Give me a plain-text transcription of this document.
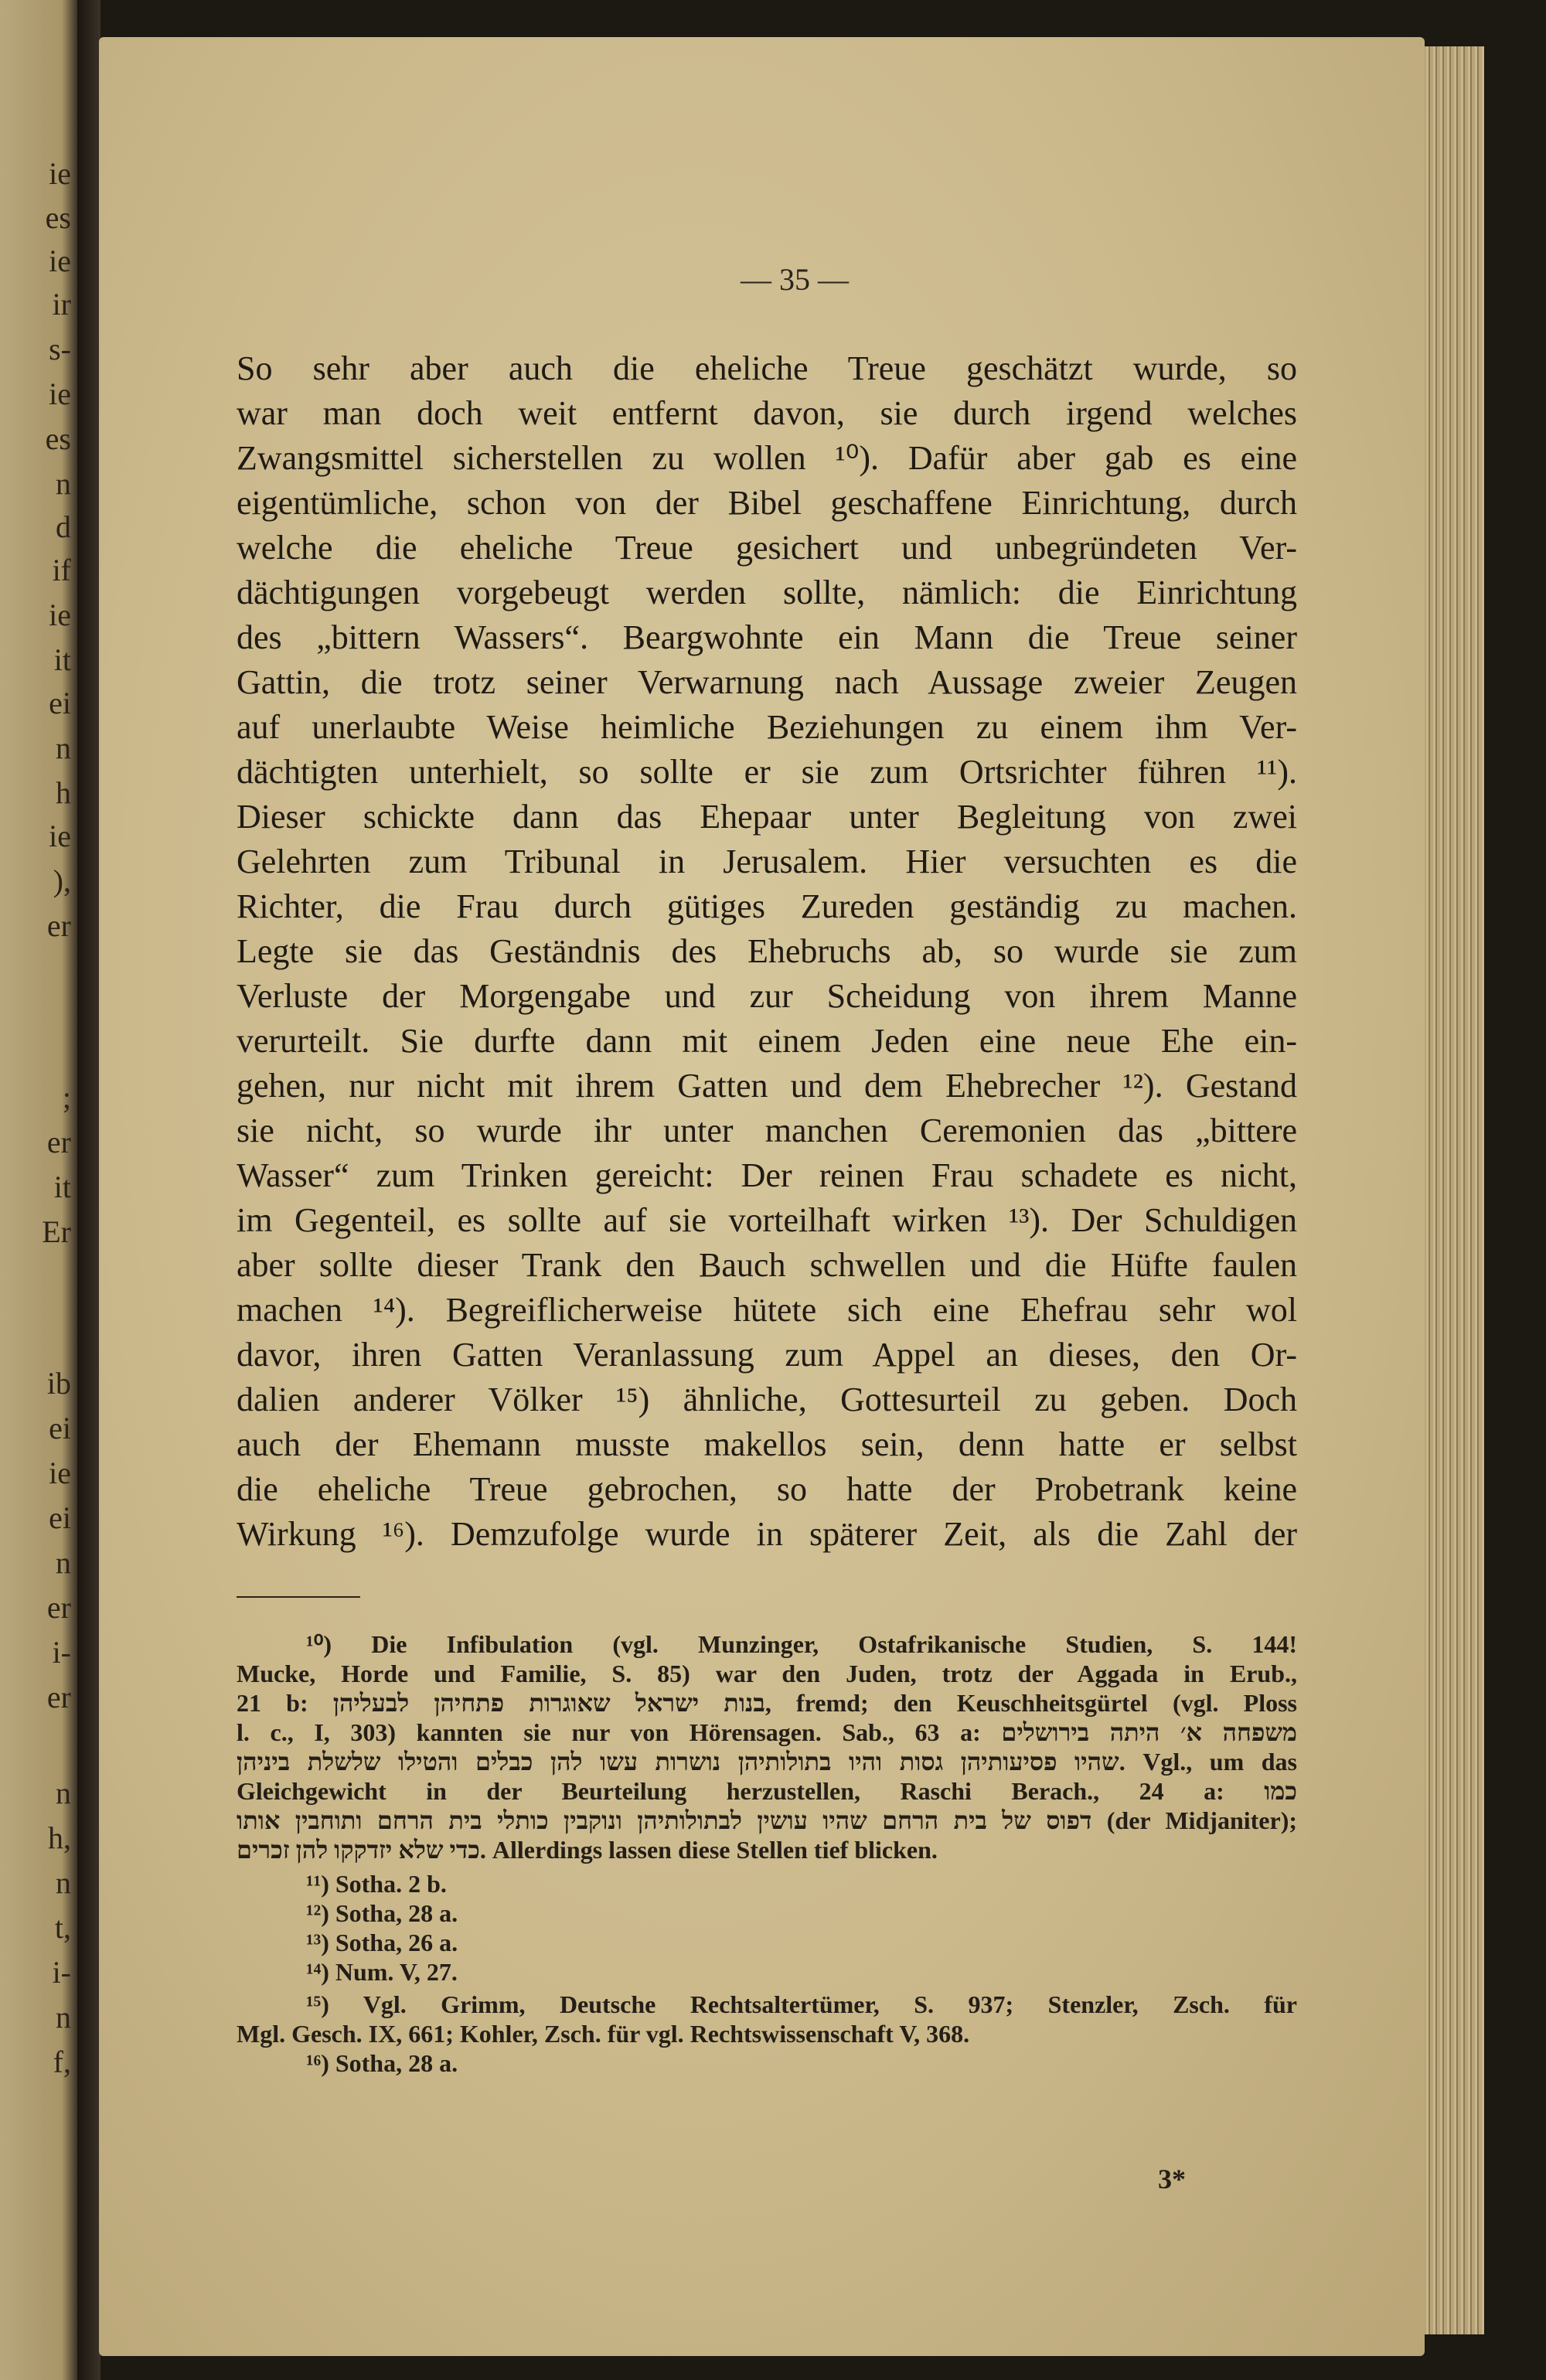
ie
es
ie
ir
s-
ie
es
n
d
if
ie
it
ei
n
h
ie
),
er
;
er
it
Er
ib
ei
ie
ei
n
er
i-
er
n
h,
n
t,
i-
n
f,
— 35 —
So sehr aber auch die eheliche Treue geschätzt wurde, so
war man doch weit entfernt davon, sie durch irgend welches
Zwangsmittel sicherstellen zu wollen ¹⁰). Dafür aber gab es eine
eigentümliche, schon von der Bibel geschaffene Einrichtung, durch
welche die eheliche Treue gesichert und unbegründeten Ver-
dächtigungen vorgebeugt werden sollte, nämlich: die Einrichtung
des „bittern Wassers“. Beargwohnte ein Mann die Treue seiner
Gattin, die trotz seiner Verwarnung nach Aussage zweier Zeugen
auf unerlaubte Weise heimliche Beziehungen zu einem ihm Ver-
dächtigten unterhielt, so sollte er sie zum Ortsrichter führen ¹¹).
Dieser schickte dann das Ehepaar unter Begleitung von zwei
Gelehrten zum Tribunal in Jerusalem. Hier versuchten es die
Richter, die Frau durch gütiges Zureden geständig zu machen.
Legte sie das Geständnis des Ehebruchs ab, so wurde sie zum
Verluste der Morgengabe und zur Scheidung von ihrem Manne
verurteilt. Sie durfte dann mit einem Jeden eine neue Ehe ein-
gehen, nur nicht mit ihrem Gatten und dem Ehebrecher ¹²). Gestand
sie nicht, so wurde ihr unter manchen Ceremonien das „bittere
Wasser“ zum Trinken gereicht: Der reinen Frau schadete es nicht,
im Gegenteil, es sollte auf sie vorteilhaft wirken ¹³). Der Schuldigen
aber sollte dieser Trank den Bauch schwellen und die Hüfte faulen
machen ¹⁴). Begreiflicherweise hütete sich eine Ehefrau sehr wol
davor, ihren Gatten Veranlassung zum Appel an dieses, den Or-
dalien anderer Völker ¹⁵) ähnliche, Gottesurteil zu geben. Doch
auch der Ehemann musste makellos sein, denn hatte er selbst
die eheliche Treue gebrochen, so hatte der Probetrank keine
Wirkung ¹⁶). Demzufolge wurde in späterer Zeit, als die Zahl der
¹⁰) Die Infibulation (vgl. Munzinger, Ostafrikanische Studien, S. 144!
Mucke, Horde und Familie, S. 85) war den Juden, trotz der Aggada in Erub.,
21 b: בנות ישראל שאוגרות פתחיהן לבעליהן, fremd; den Keuschheitsgürtel (vgl. Ploss
l. c., I, 303) kannten sie nur von Hörensagen. Sab., 63 a: משפחה א׳ היתה בירושלים
שהיו פסיעותיהן גסות והיו בתולותיהן נושרות עשו להן כבלים והטילו שלשלת ביניהן. Vgl., um das
Gleichgewicht in der Beurteilung herzustellen, Raschi Berach., 24 a: כמו
דפוס של בית הרחם שהיו עושין לבתולותיהן ונוקבין כותלי בית הרחם ותוחבין אותו (der Midjaniter);
כדי שלא יזדקקו להן זכרים. Allerdings lassen diese Stellen tief blicken.
¹¹) Sotha. 2 b.
¹²) Sotha, 28 a.
¹³) Sotha, 26 a.
¹⁴) Num. V, 27.
¹⁵) Vgl. Grimm, Deutsche Rechtsaltertümer, S. 937; Stenzler, Zsch. für
Mgl. Gesch. IX, 661; Kohler, Zsch. für vgl. Rechtswissenschaft V, 368.
¹⁶) Sotha, 28 a.
3*
